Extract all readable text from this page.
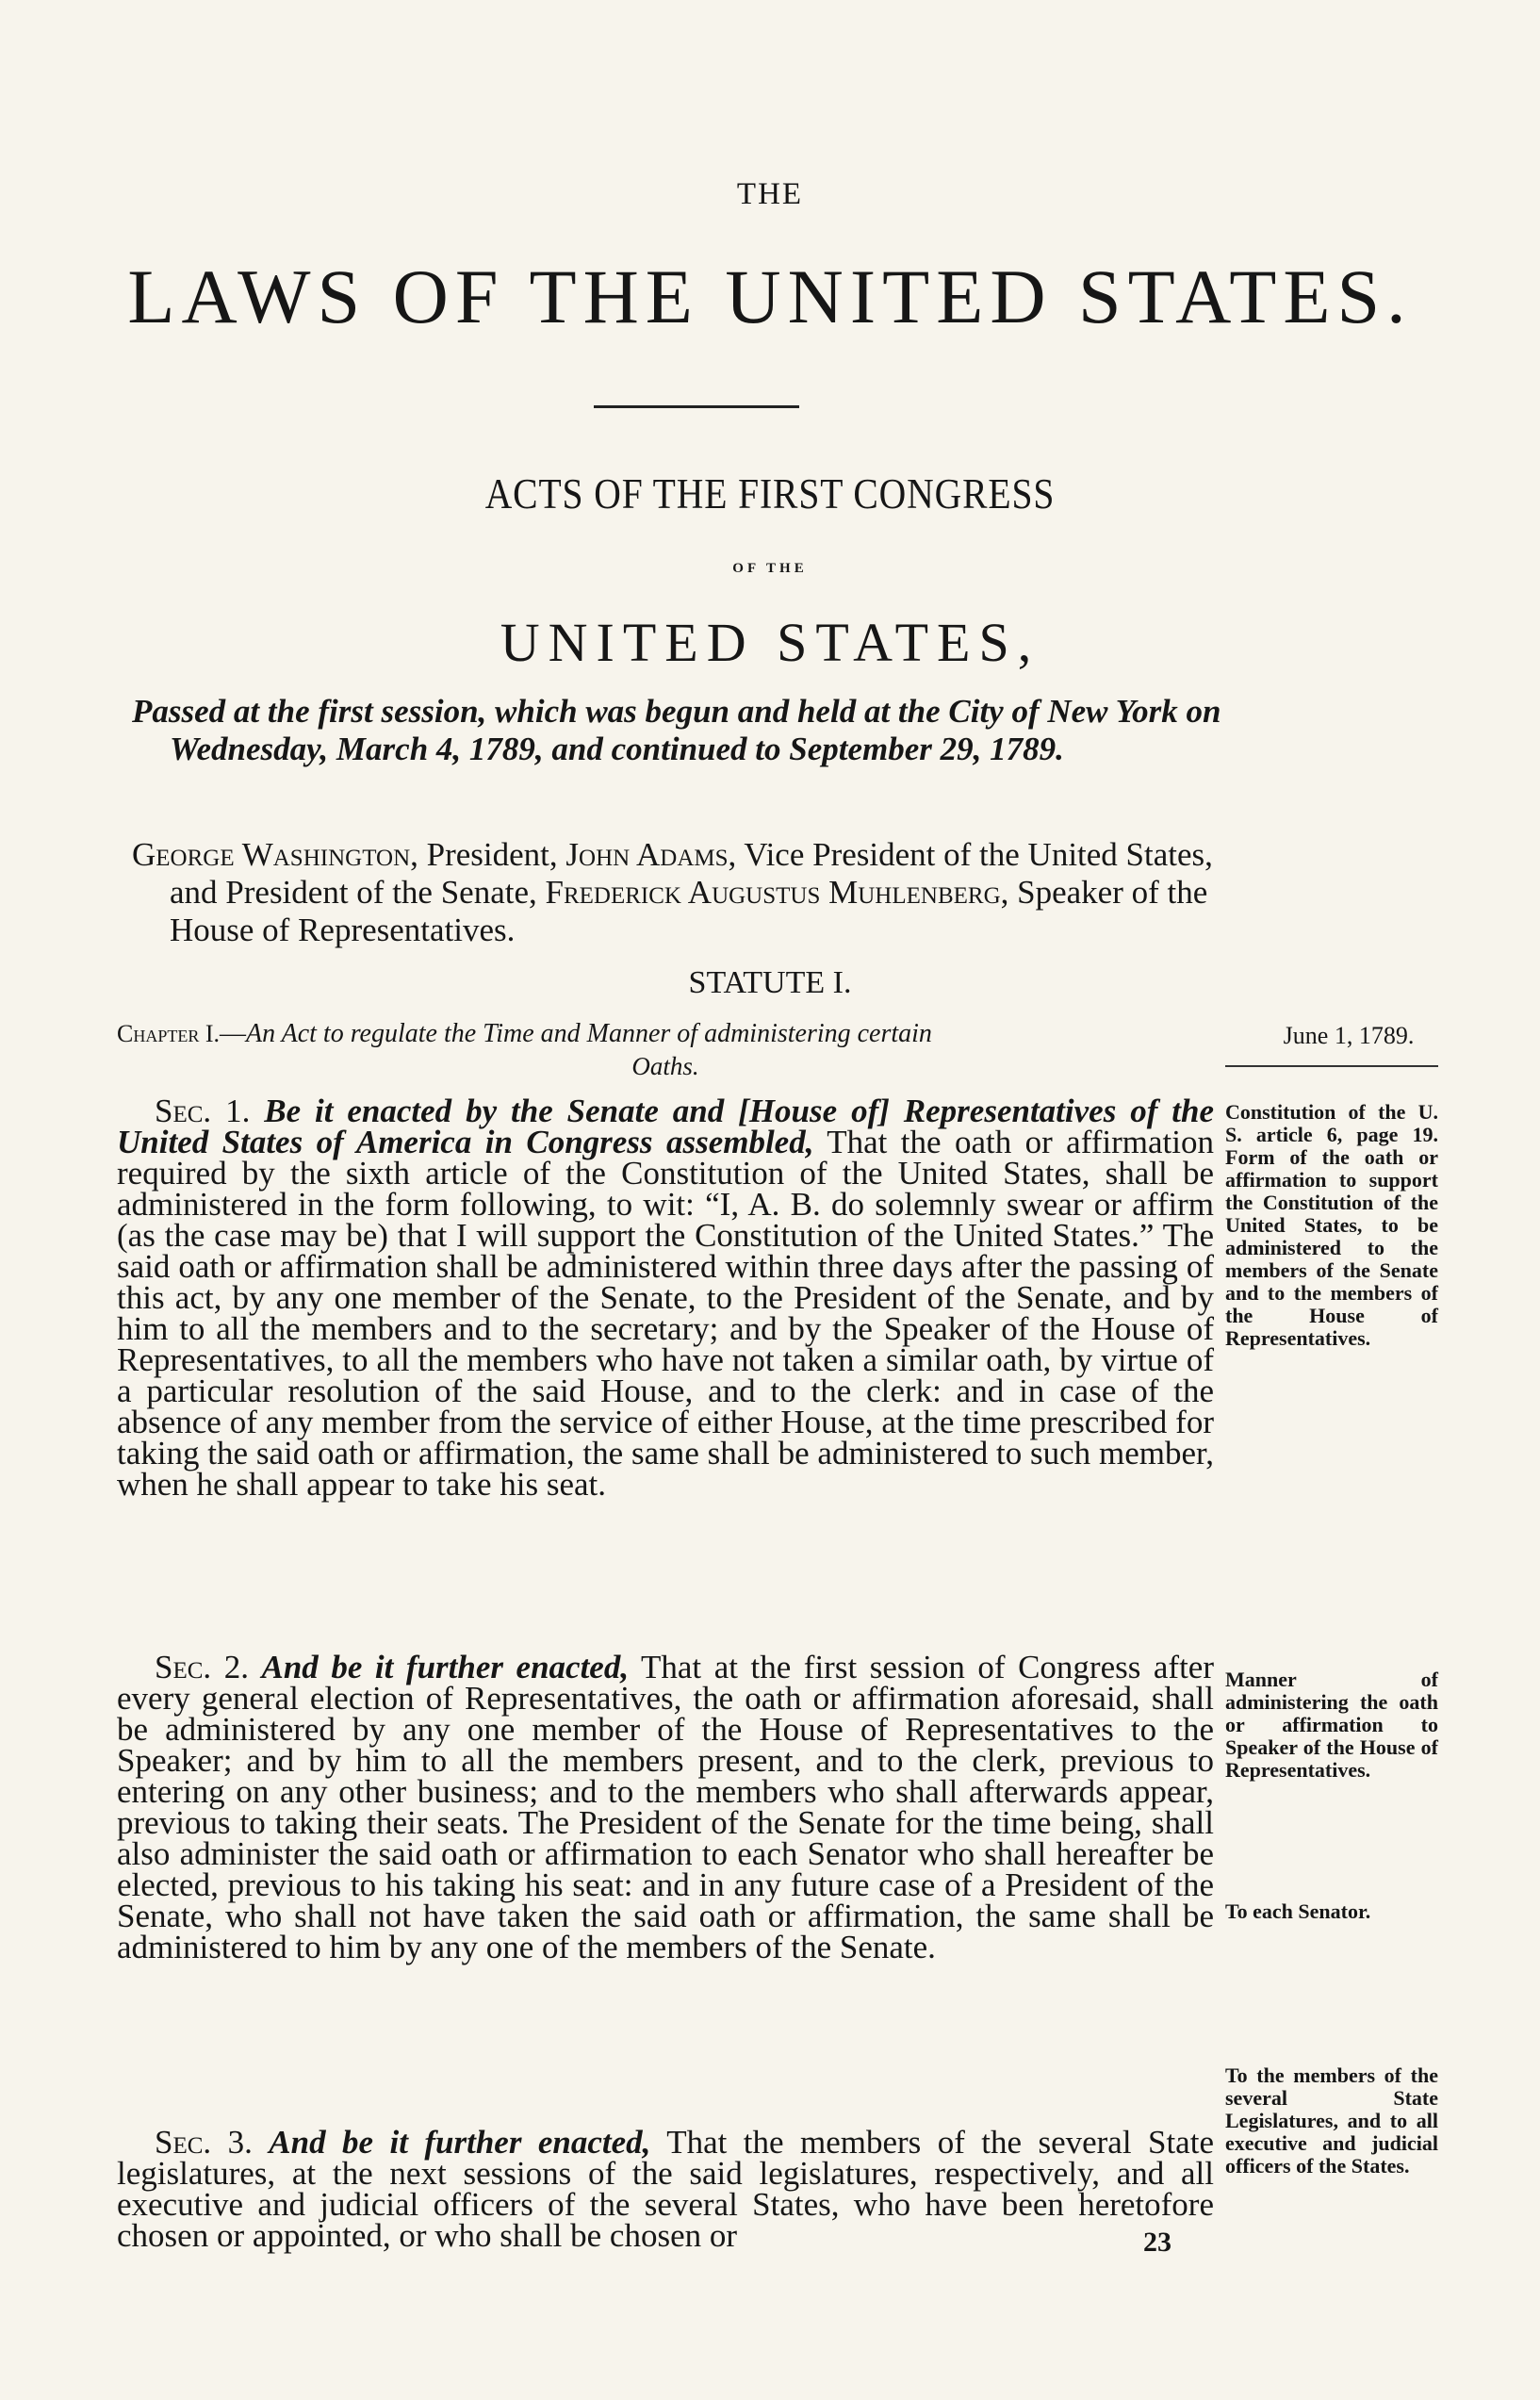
THE
LAWS OF THE UNITED STATES.
ACTS OF THE FIRST CONGRESS
OF THE
UNITED STATES,
Passed at the first session, which was begun and held at the City of New York on Wednesday, March 4, 1789, and continued to September 29, 1789.
George Washington, President, John Adams, Vice President of the United States, and President of the Senate, Frederick Augustus Muhlenberg, Speaker of the House of Representatives.
STATUTE I.
Chapter I.—An Act to regulate the Time and Manner of administering certain
Oaths.
June 1, 1789.
Sec. 1. Be it enacted by the Senate and [House of] Representatives of the United States of America in Congress assembled, That the oath or affirmation required by the sixth article of the Constitution of the United States, shall be administered in the form following, to wit: “I, A. B. do solemnly swear or affirm (as the case may be) that I will support the Constitution of the United States.” The said oath or affirmation shall be administered within three days after the passing of this act, by any one member of the Senate, to the President of the Senate, and by him to all the members and to the secretary; and by the Speaker of the House of Representatives, to all the members who have not taken a similar oath, by virtue of a particular resolution of the said House, and to the clerk: and in case of the absence of any member from the service of either House, at the time prescribed for taking the said oath or affirmation, the same shall be administered to such member, when he shall appear to take his seat.
Sec. 2. And be it further enacted, That at the first session of Congress after every general election of Representatives, the oath or affirmation aforesaid, shall be administered by any one member of the House of Representatives to the Speaker; and by him to all the members present, and to the clerk, previous to entering on any other business; and to the members who shall afterwards appear, previous to taking their seats. The President of the Senate for the time being, shall also administer the said oath or affirmation to each Senator who shall hereafter be elected, previous to his taking his seat: and in any future case of a President of the Senate, who shall not have taken the said oath or affirmation, the same shall be administered to him by any one of the members of the Senate.
Sec. 3. And be it further enacted, That the members of the several State legislatures, at the next sessions of the said legislatures, respectively, and all executive and judicial officers of the several States, who have been heretofore chosen or appointed, or who shall be chosen or
Constitution of the U. S. article 6, page 19. Form of the oath or affirmation to support the Constitution of the United States, to be administered to the members of the Senate and to the members of the House of Representatives.
Manner of administering the oath or affirmation to Speaker of the House of Representatives.
To each Senator.
To the members of the several State Legislatures, and to all executive and judicial officers of the States.
23
